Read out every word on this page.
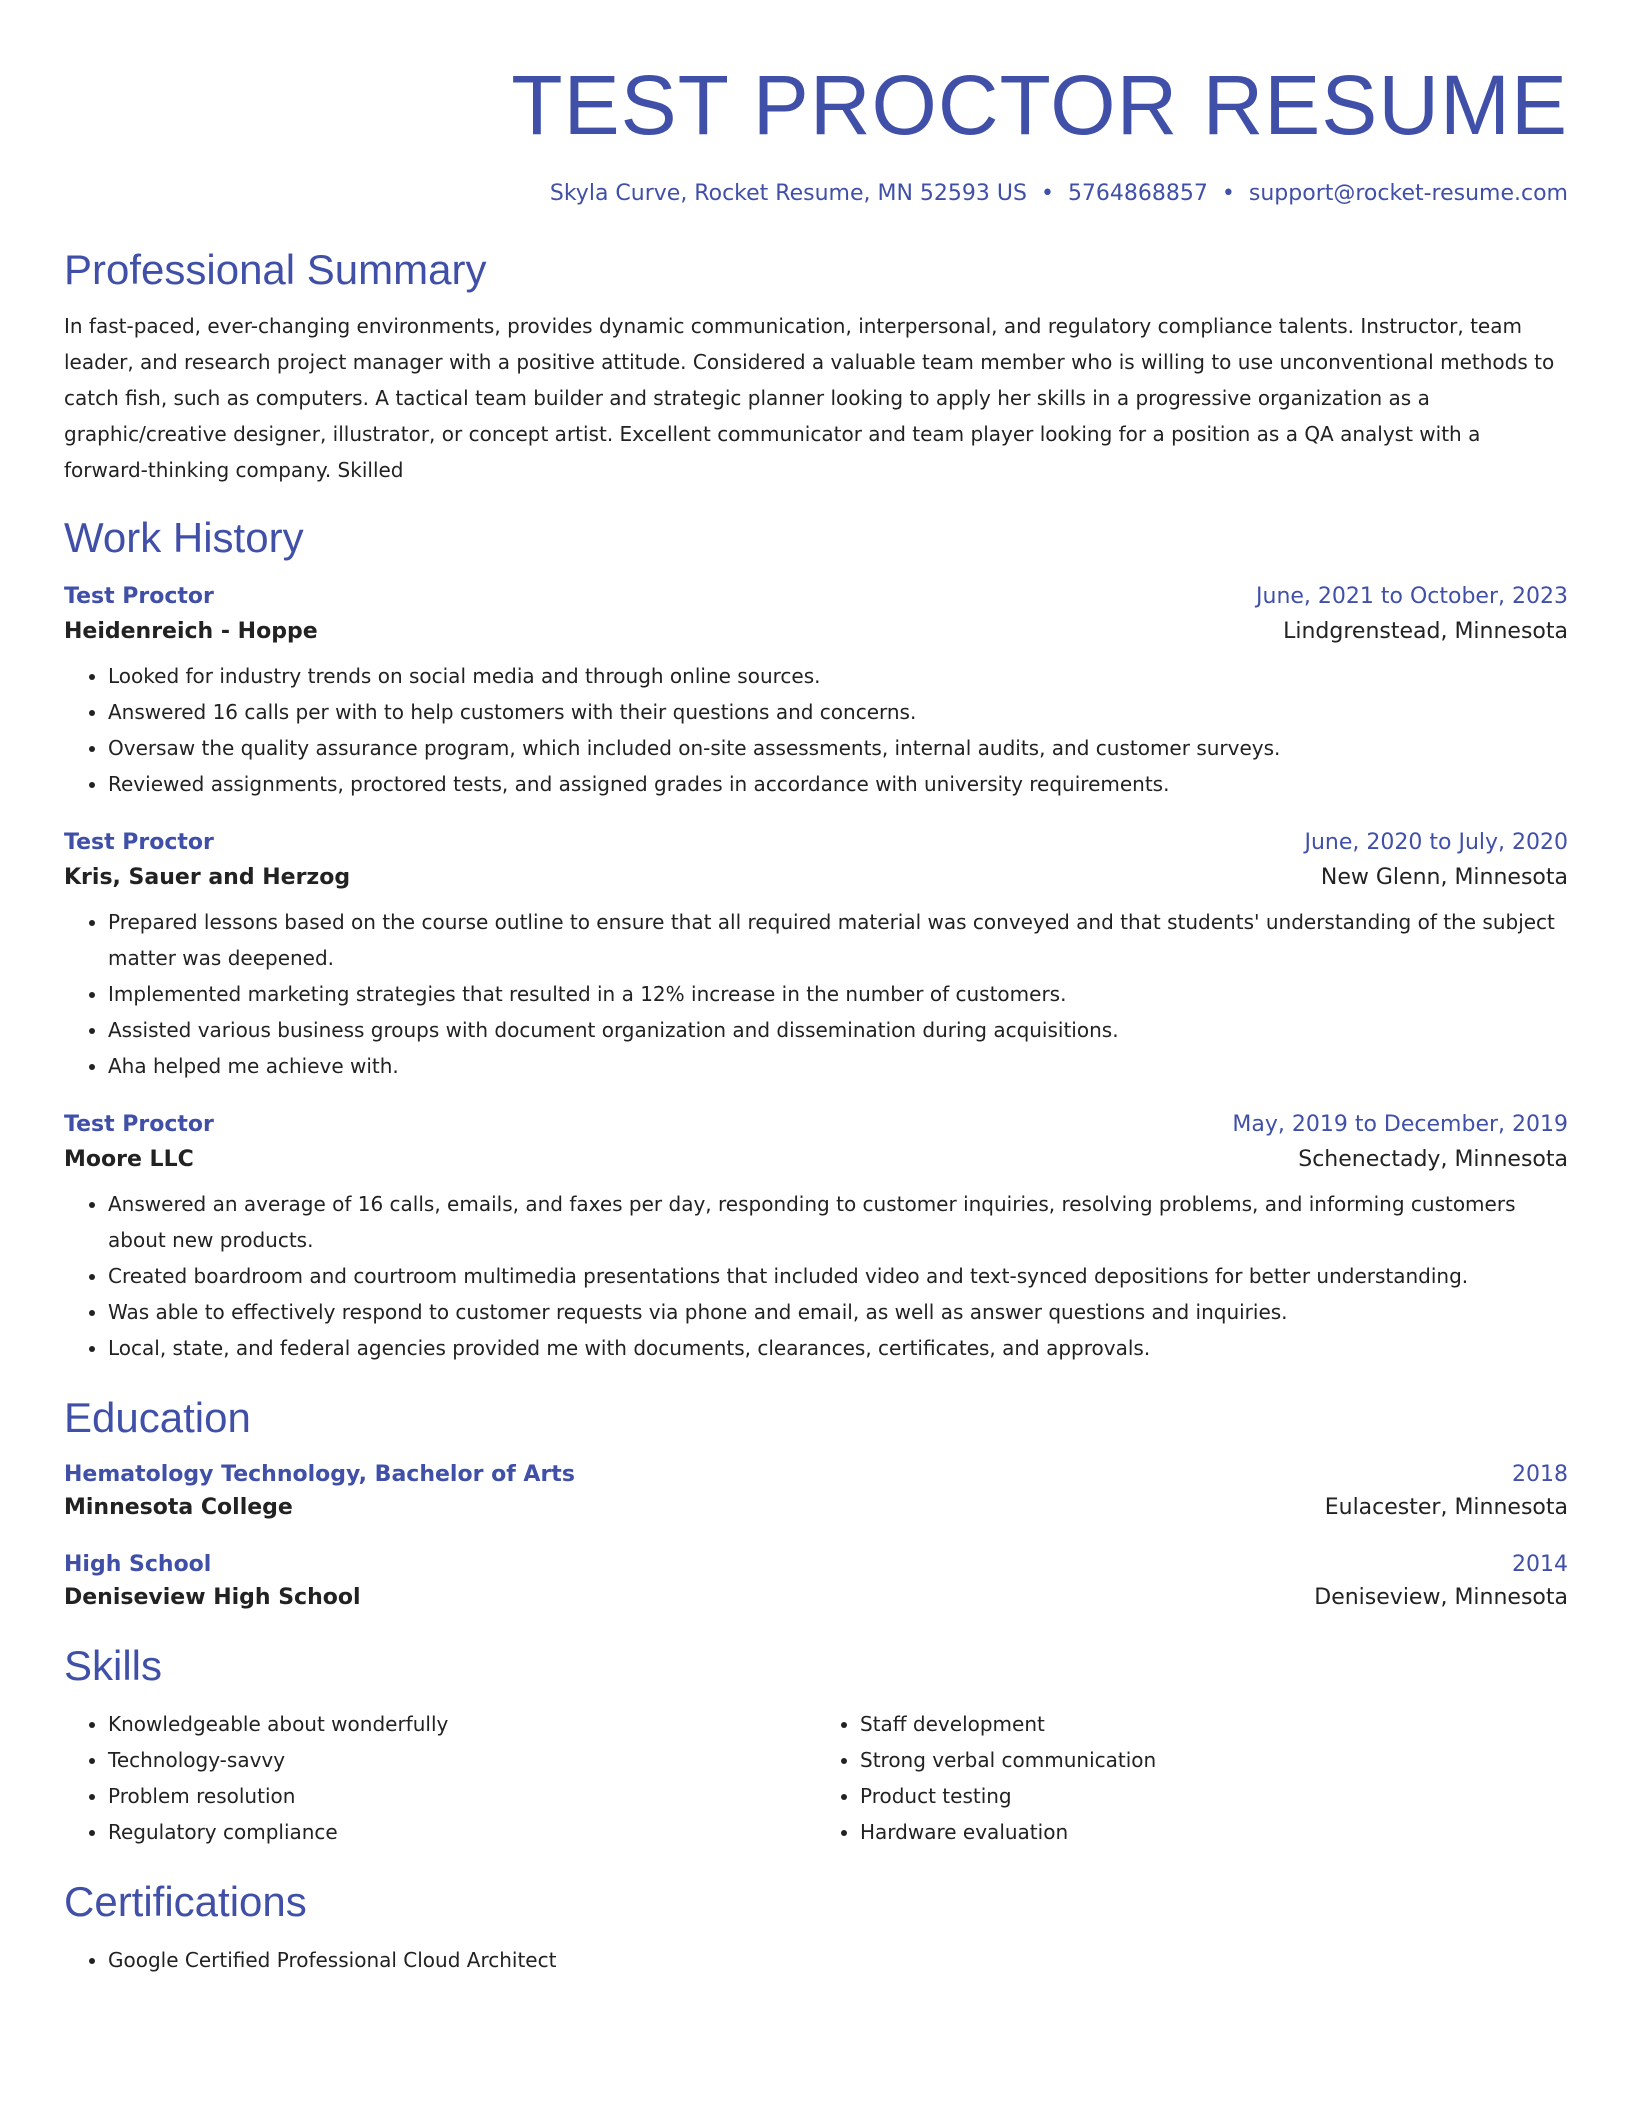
TEST PROCTOR RESUME
Skyla Curve, Rocket Resume, MN 52593 US • 5764868857 • support@rocket-resume.com
Professional Summary

In fast-paced, ever-changing environments, provides dynamic communication, interpersonal, and regulatory compliance talents. Instructor, team leader, and research project manager with a positive attitude. Considered a valuable team member who is willing to use unconventional methods to catch fish, such as computers. A tactical team builder and strategic planner looking to apply her skills in a progressive organization as a graphic/creative designer, illustrator, or concept artist. Excellent communicator and team player looking for a position as a QA analyst with a forward-thinking company. Skilled

Work History
Test Proctor	June, 2021 to October, 2023
Heidenreich - Hoppe	Lindgrenstead, Minnesota
• Looked for industry trends on social media and through online sources.
• Answered 16 calls per with to help customers with their questions and concerns.
• Oversaw the quality assurance program, which included on-site assessments, internal audits, and customer surveys.
• Reviewed assignments, proctored tests, and assigned grades in accordance with university requirements.
Test Proctor	June, 2020 to July, 2020
Kris, Sauer and Herzog	New Glenn, Minnesota
• Prepared lessons based on the course outline to ensure that all required material was conveyed and that students' understanding of the subject matter was deepened.
• Implemented marketing strategies that resulted in a 12% increase in the number of customers.
• Assisted various business groups with document organization and dissemination during acquisitions.
• Aha helped me achieve with.
Test Proctor	May, 2019 to December, 2019
Moore LLC	Schenectady, Minnesota
• Answered an average of 16 calls, emails, and faxes per day, responding to customer inquiries, resolving problems, and informing customers about new products.
• Created boardroom and courtroom multimedia presentations that included video and text-synced depositions for better understanding.
• Was able to effectively respond to customer requests via phone and email, as well as answer questions and inquiries.
• Local, state, and federal agencies provided me with documents, clearances, certificates, and approvals.
Education
Hematology Technology, Bachelor of Arts	2018
Minnesota College	Eulacester, Minnesota
High School	2014
Deniseview High School	Deniseview, Minnesota
Skills
• Knowledgeable about wonderfully
• Technology-savvy
• Problem resolution
• Regulatory compliance
• Staff development
• Strong verbal communication
• Product testing
• Hardware evaluation
Certifications
• Google Certified Professional Cloud Architect
